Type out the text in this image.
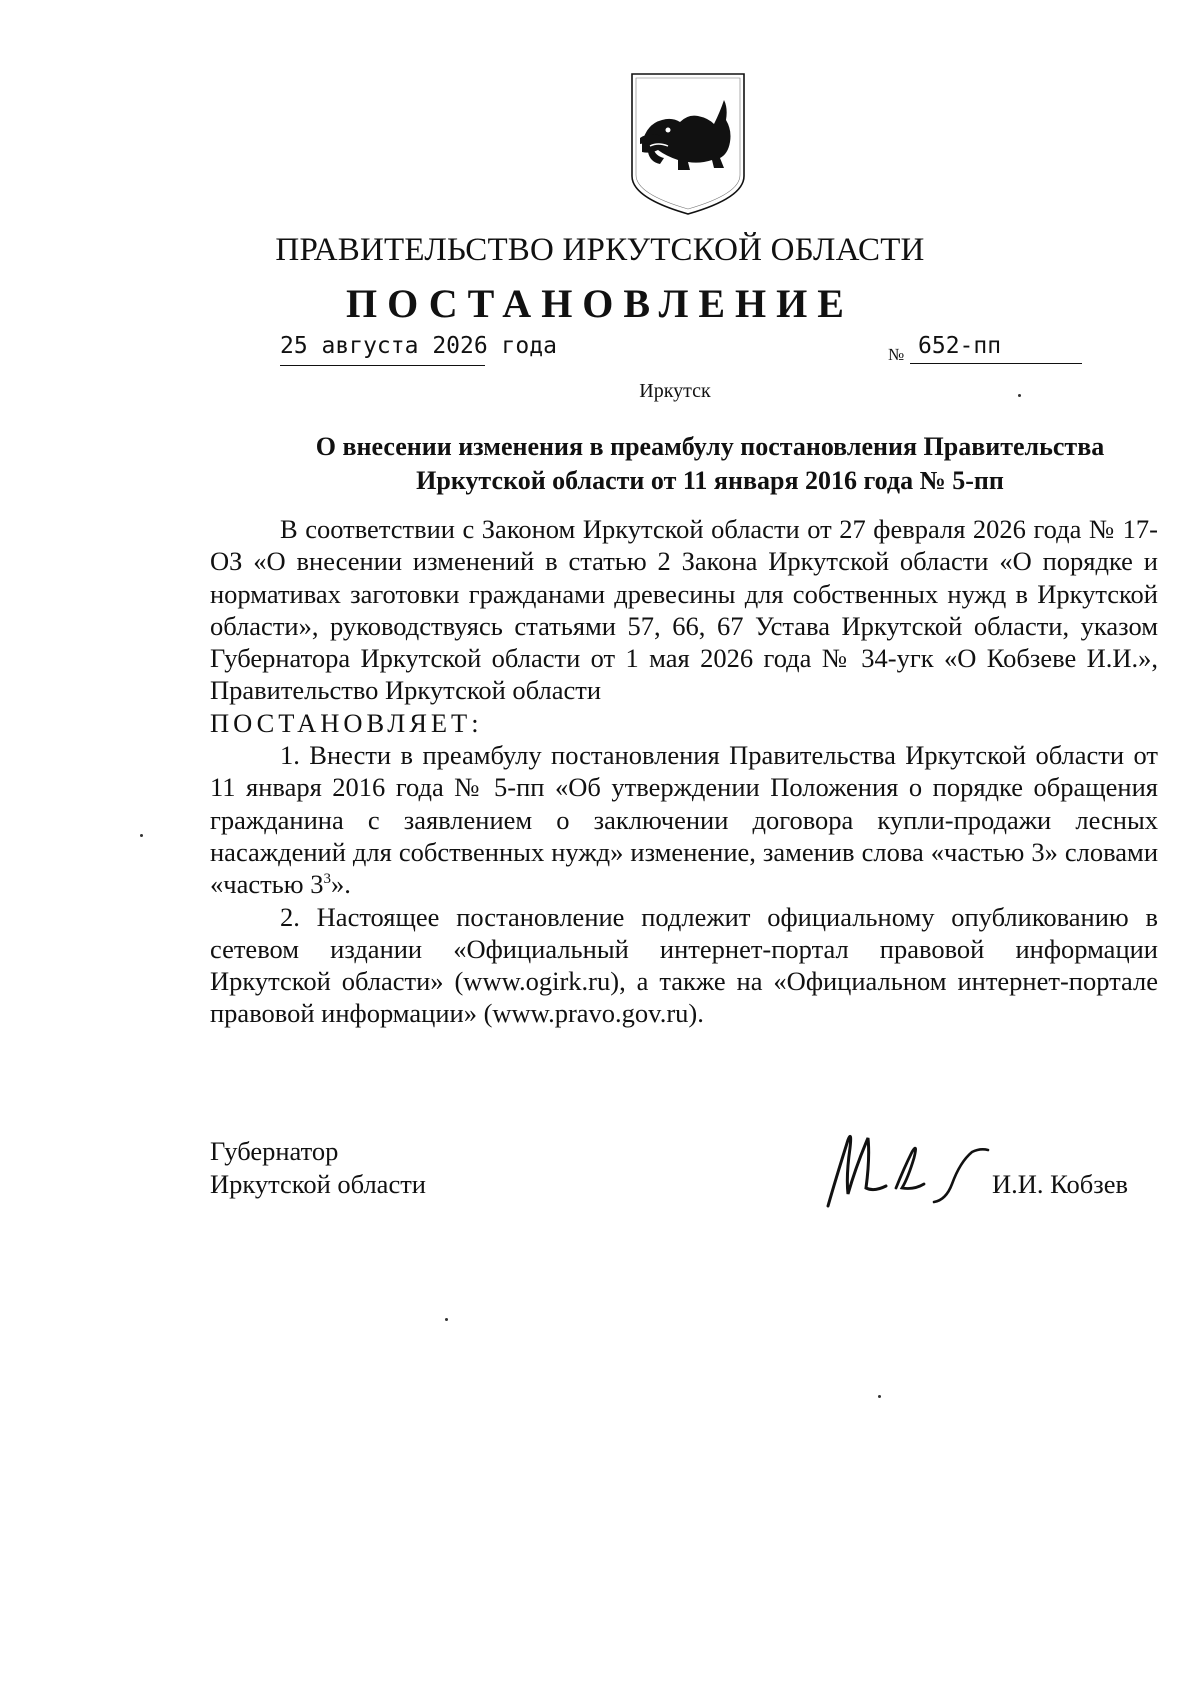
ПРАВИТЕЛЬСТВО ИРКУТСКОЙ ОБЛАСТИ
ПОСТАНОВЛЕНИЕ
25 августа 2026 года	№ 652-пп
Иркутск
О внесении изменения в преамбулу постановления Правительства
Иркутской области от 11 января 2016 года № 5-пп

В соответствии с Законом Иркутской области от 27 февраля 2026 года № 17-ОЗ «О внесении изменений в статью 2 Закона Иркутской области «О порядке и нормативах заготовки гражданами древесины для собственных нужд в Иркутской области», руководствуясь статьями 57, 66, 67 Устава Иркутской области, указом Губернатора Иркутской области от 1 мая 2026 года № 34-угк «О Кобзеве И.И.», Правительство Иркутской области

ПОСТАНОВЛЯЕТ:

1. Внести в преамбулу постановления Правительства Иркутской области от 11 января 2016 года № 5-пп «Об утверждении Положения о порядке обращения гражданина с заявлением о заключении договора купли-продажи лесных насаждений для собственных нужд» изменение, заменив слова «частью 3» словами «частью $3^3$».

2. Настоящее постановление подлежит официальному опубликованию в сетевом издании «Официальный интернет-портал правовой информации Иркутской области» (www.ogirk.ru), а также на «Официальном интернет-портале правовой информации» (www.pravo.gov.ru).

Губернатор
Иркутской области	И.И. Кобзев
